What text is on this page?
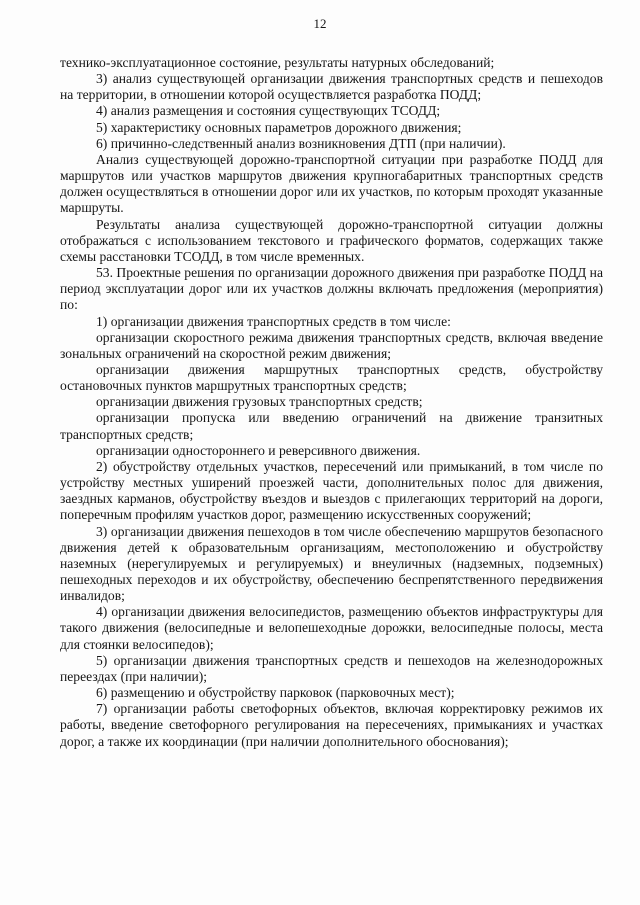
12

технико-эксплуатационное состояние, результаты натурных обследований;

3) анализ существующей организации движения транспортных средств и пешеходов на территории, в отношении которой осуществляется разработка ПОДД;

4) анализ размещения и состояния существующих ТСОДД;

5) характеристику основных параметров дорожного движения;

6) причинно-следственный анализ возникновения ДТП (при наличии).

Анализ существующей дорожно-транспортной ситуации при разработке ПОДД для маршрутов или участков маршрутов движения крупногабаритных транспортных средств должен осуществляться в отношении дорог или их участков, по которым проходят указанные маршруты.

Результаты анализа существующей дорожно-транспортной ситуации должны отображаться с использованием текстового и графического форматов, содержащих также схемы расстановки ТСОДД, в том числе временных.

53. Проектные решения по организации дорожного движения при разработке ПОДД на период эксплуатации дорог или их участков должны включать предложения (мероприятия) по:

1) организации движения транспортных средств в том числе:

организации скоростного режима движения транспортных средств, включая введение зональных ограничений на скоростной режим движения;

организации движения маршрутных транспортных средств, обустройству остановочных пунктов маршрутных транспортных средств;

организации движения грузовых транспортных средств;

организации пропуска или введению ограничений на движение транзитных транспортных средств;

организации одностороннего и реверсивного движения.

2) обустройству отдельных участков, пересечений или примыканий, в том числе по устройству местных уширений проезжей части, дополнительных полос для движения, заездных карманов, обустройству въездов и выездов с прилегающих территорий на дороги, поперечным профилям участков дорог, размещению искусственных сооружений;

3) организации движения пешеходов в том числе обеспечению маршрутов безопасного движения детей к образовательным организациям, местоположению и обустройству наземных (нерегулируемых и регулируемых) и внеуличных (надземных, подземных) пешеходных переходов и их обустройству, обеспечению беспрепятственного передвижения инвалидов;

4) организации движения велосипедистов, размещению объектов инфраструктуры для такого движения (велосипедные и велопешеходные дорожки, велосипедные полосы, места для стоянки велосипедов);

5) организации движения транспортных средств и пешеходов на железнодорожных переездах (при наличии);

6) размещению и обустройству парковок (парковочных мест);

7) организации работы светофорных объектов, включая корректировку режимов их работы, введение светофорного регулирования на пересечениях, примыканиях и участках дорог, а также их координации (при наличии дополнительного обоснования);
